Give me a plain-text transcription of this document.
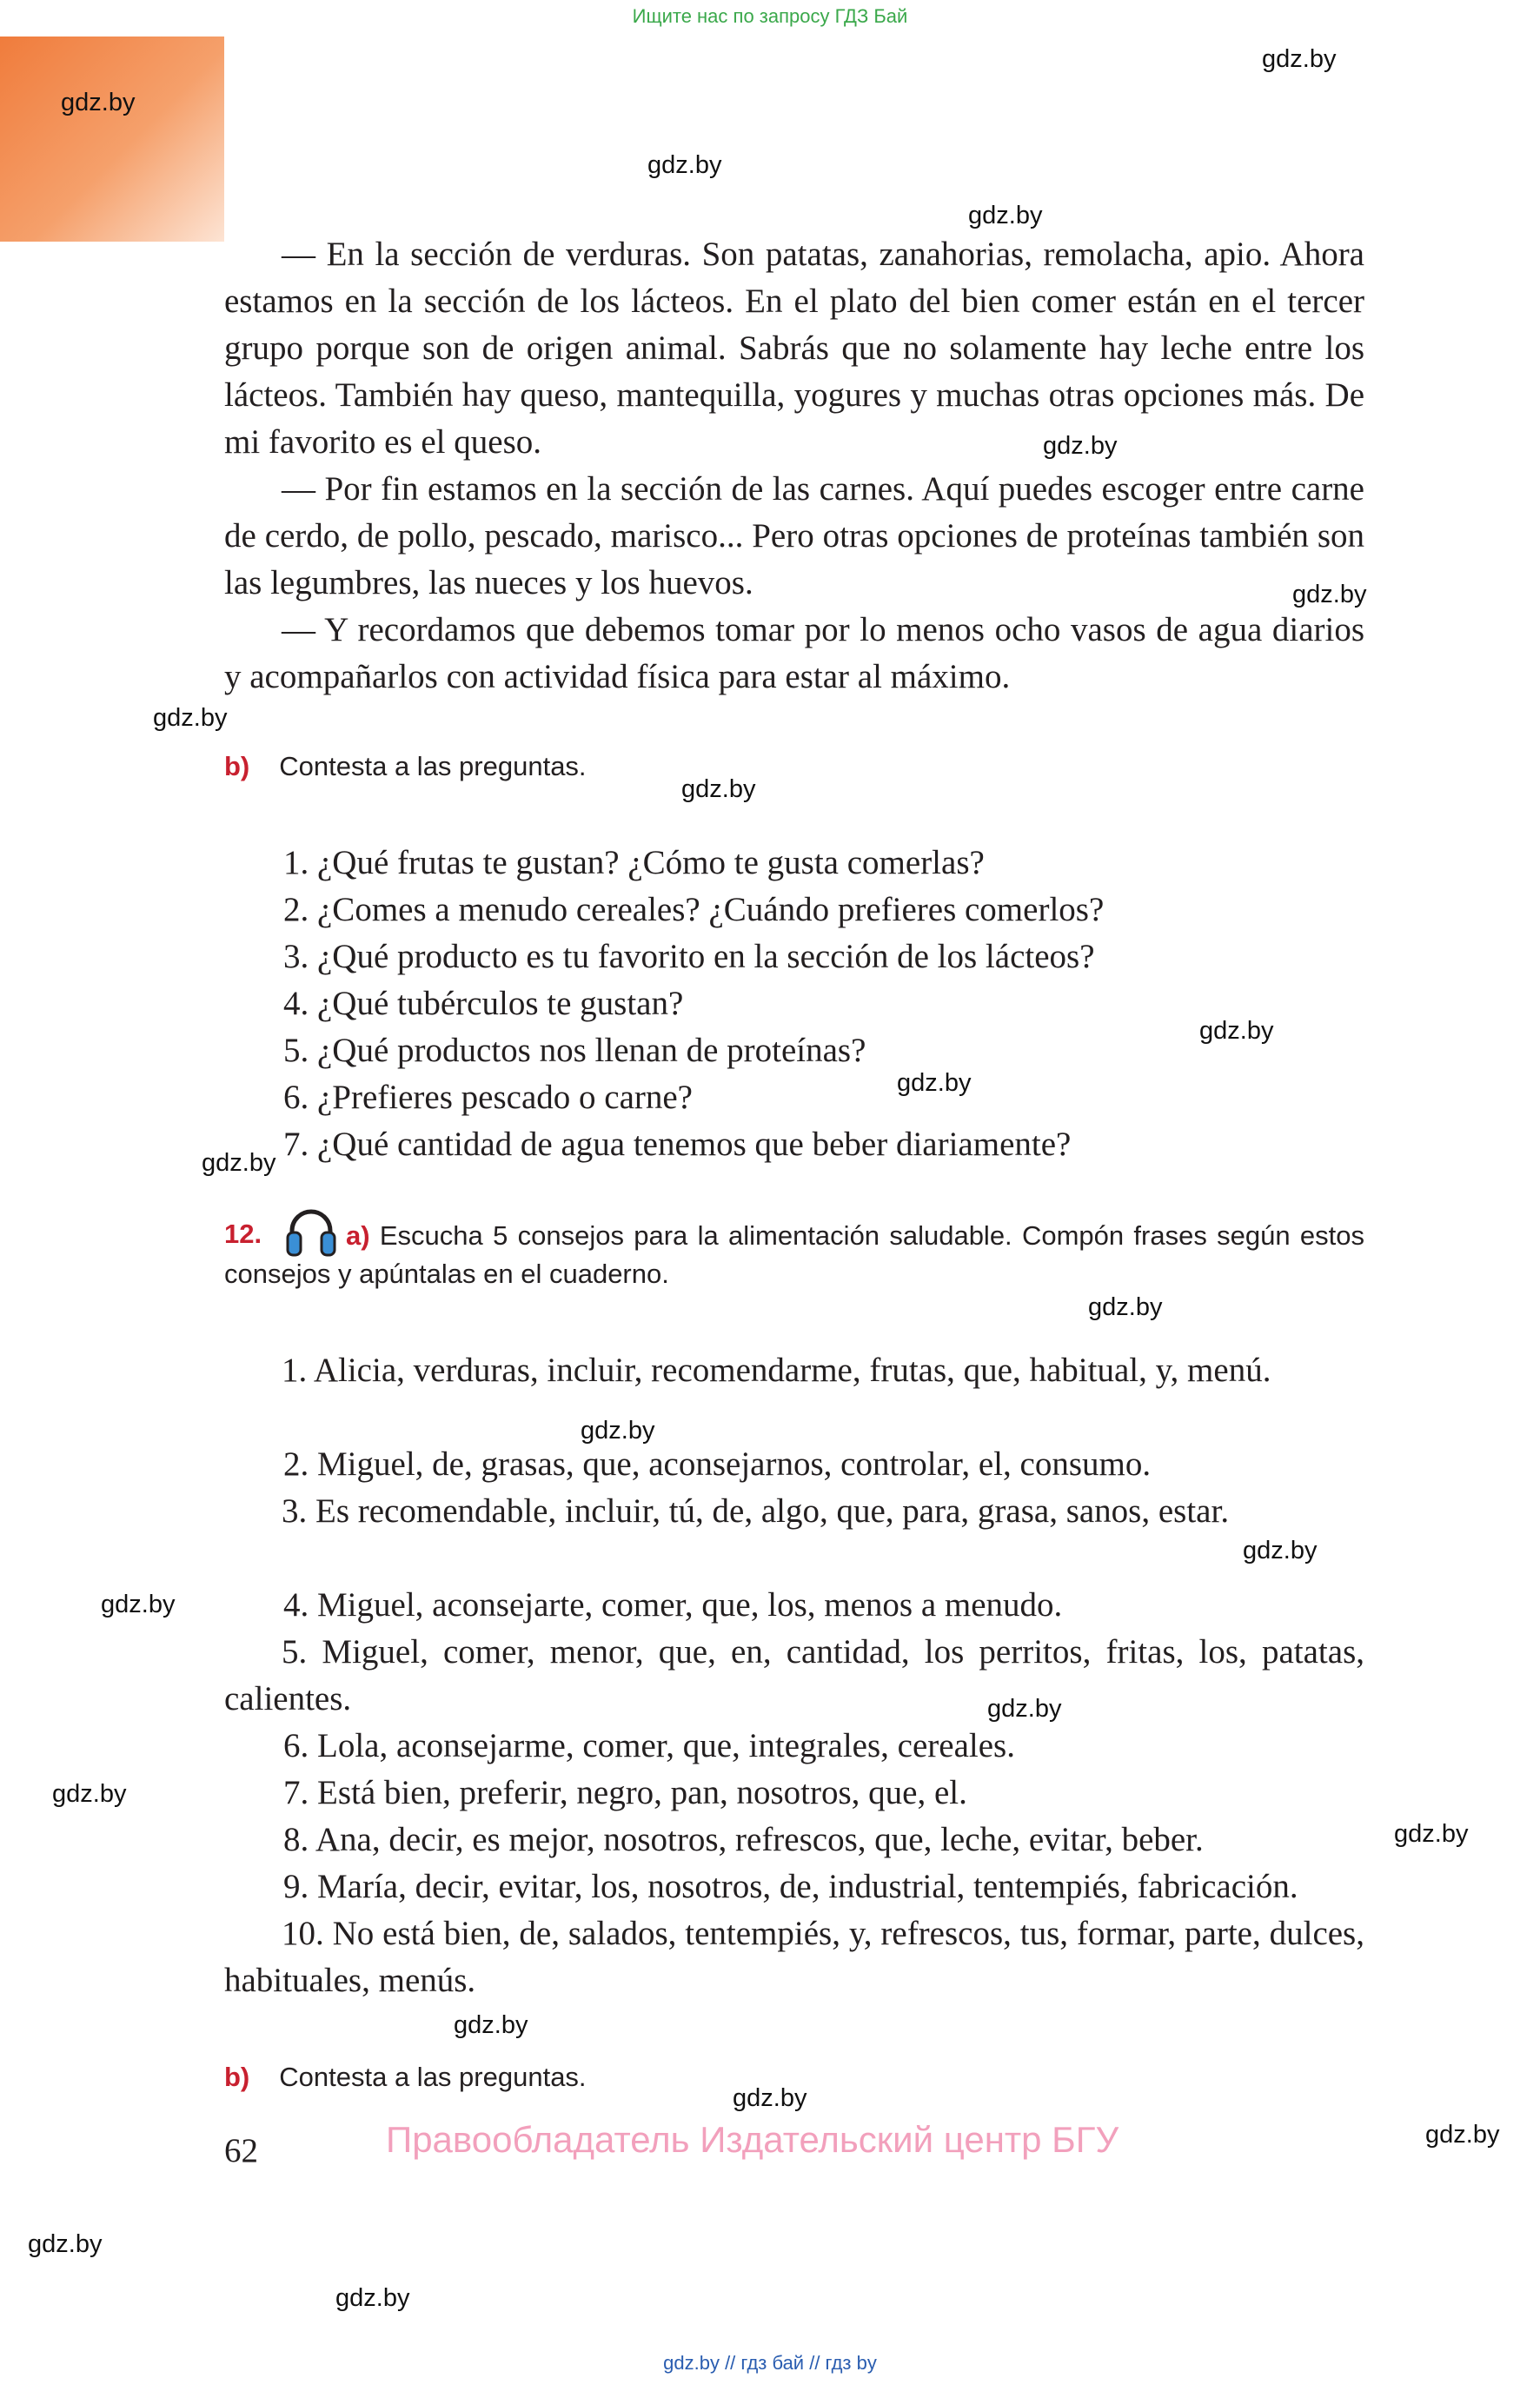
Ищите нас по запросу ГДЗ Бай
gdz.by
gdz.by
gdz.by
gdz.by
gdz.by
gdz.by
gdz.by
gdz.by
gdz.by
gdz.by
gdz.by
gdz.by
gdz.by
gdz.by
gdz.by
gdz.by
gdz.by
gdz.by
gdz.by
gdz.by
gdz.by
gdz.by
gdz.by

— En la sección de verduras. Son patatas, zanahorias, remolacha, apio. Ahora estamos en la sección de los lácteos. En el plato del bien comer están en el tercer grupo porque son de origen animal. Sabrás que no solamente hay leche entre los lácteos. También hay queso, mantequilla, yogures y muchas otras opciones más. De mi favorito es el queso.

— Por fin estamos en la sección de las carnes. Aquí puedes escoger entre carne de cerdo, de pollo, pescado, marisco... Pero otras opciones de proteínas también son las legumbres, las nueces y los huevos.

— Y recordamos que debemos tomar por lo menos ocho vasos de agua diarios y acompañarlos con actividad física para estar al máximo.

b) Contesta a las preguntas.
1. ¿Qué frutas te gustan? ¿Cómo te gusta comerlas?
2. ¿Comes a menudo cereales? ¿Cuándo prefieres comerlos?
3. ¿Qué producto es tu favorito en la sección de los lácteos?
4. ¿Qué tubérculos te gustan?
5. ¿Qué productos nos llenan de proteínas?
6. ¿Prefieres pescado o carne?
7. ¿Qué cantidad de agua tenemos que beber diariamente?
12.	a) Escucha 5 consejos para la alimentación saludable. Compón frases según estos consejos y apúntalas en el cuaderno.

1. Alicia, verduras, incluir, recomendarme, frutas, que, habitual, y, menú.

2. Miguel, de, grasas, que, aconsejarnos, controlar, el, consumo.

3. Es recomendable, incluir, tú, de, algo, que, para, grasa, sanos, estar.

4. Miguel, aconsejarte, comer, que, los, menos a menudo.

5. Miguel, comer, menor, que, en, cantidad, los perritos, fritas, los, patatas, calientes.

6. Lola, aconsejarme, comer, que, integrales, cereales.
7. Está bien, preferir, negro, pan, nosotros, que, el.
8. Ana, decir, es mejor, nosotros, refrescos, que, leche, evitar, beber.
9. María, decir, evitar, los, nosotros, de, industrial, tentempiés, fabricación.

10. No está bien, de, salados, tentempiés, y, refrescos, tus, formar, parte, dulces, habituales, menús.

b) Contesta a las preguntas.
62	Правообладатель Издательский центр БГУ
gdz.by // гдз бай // гдз by
